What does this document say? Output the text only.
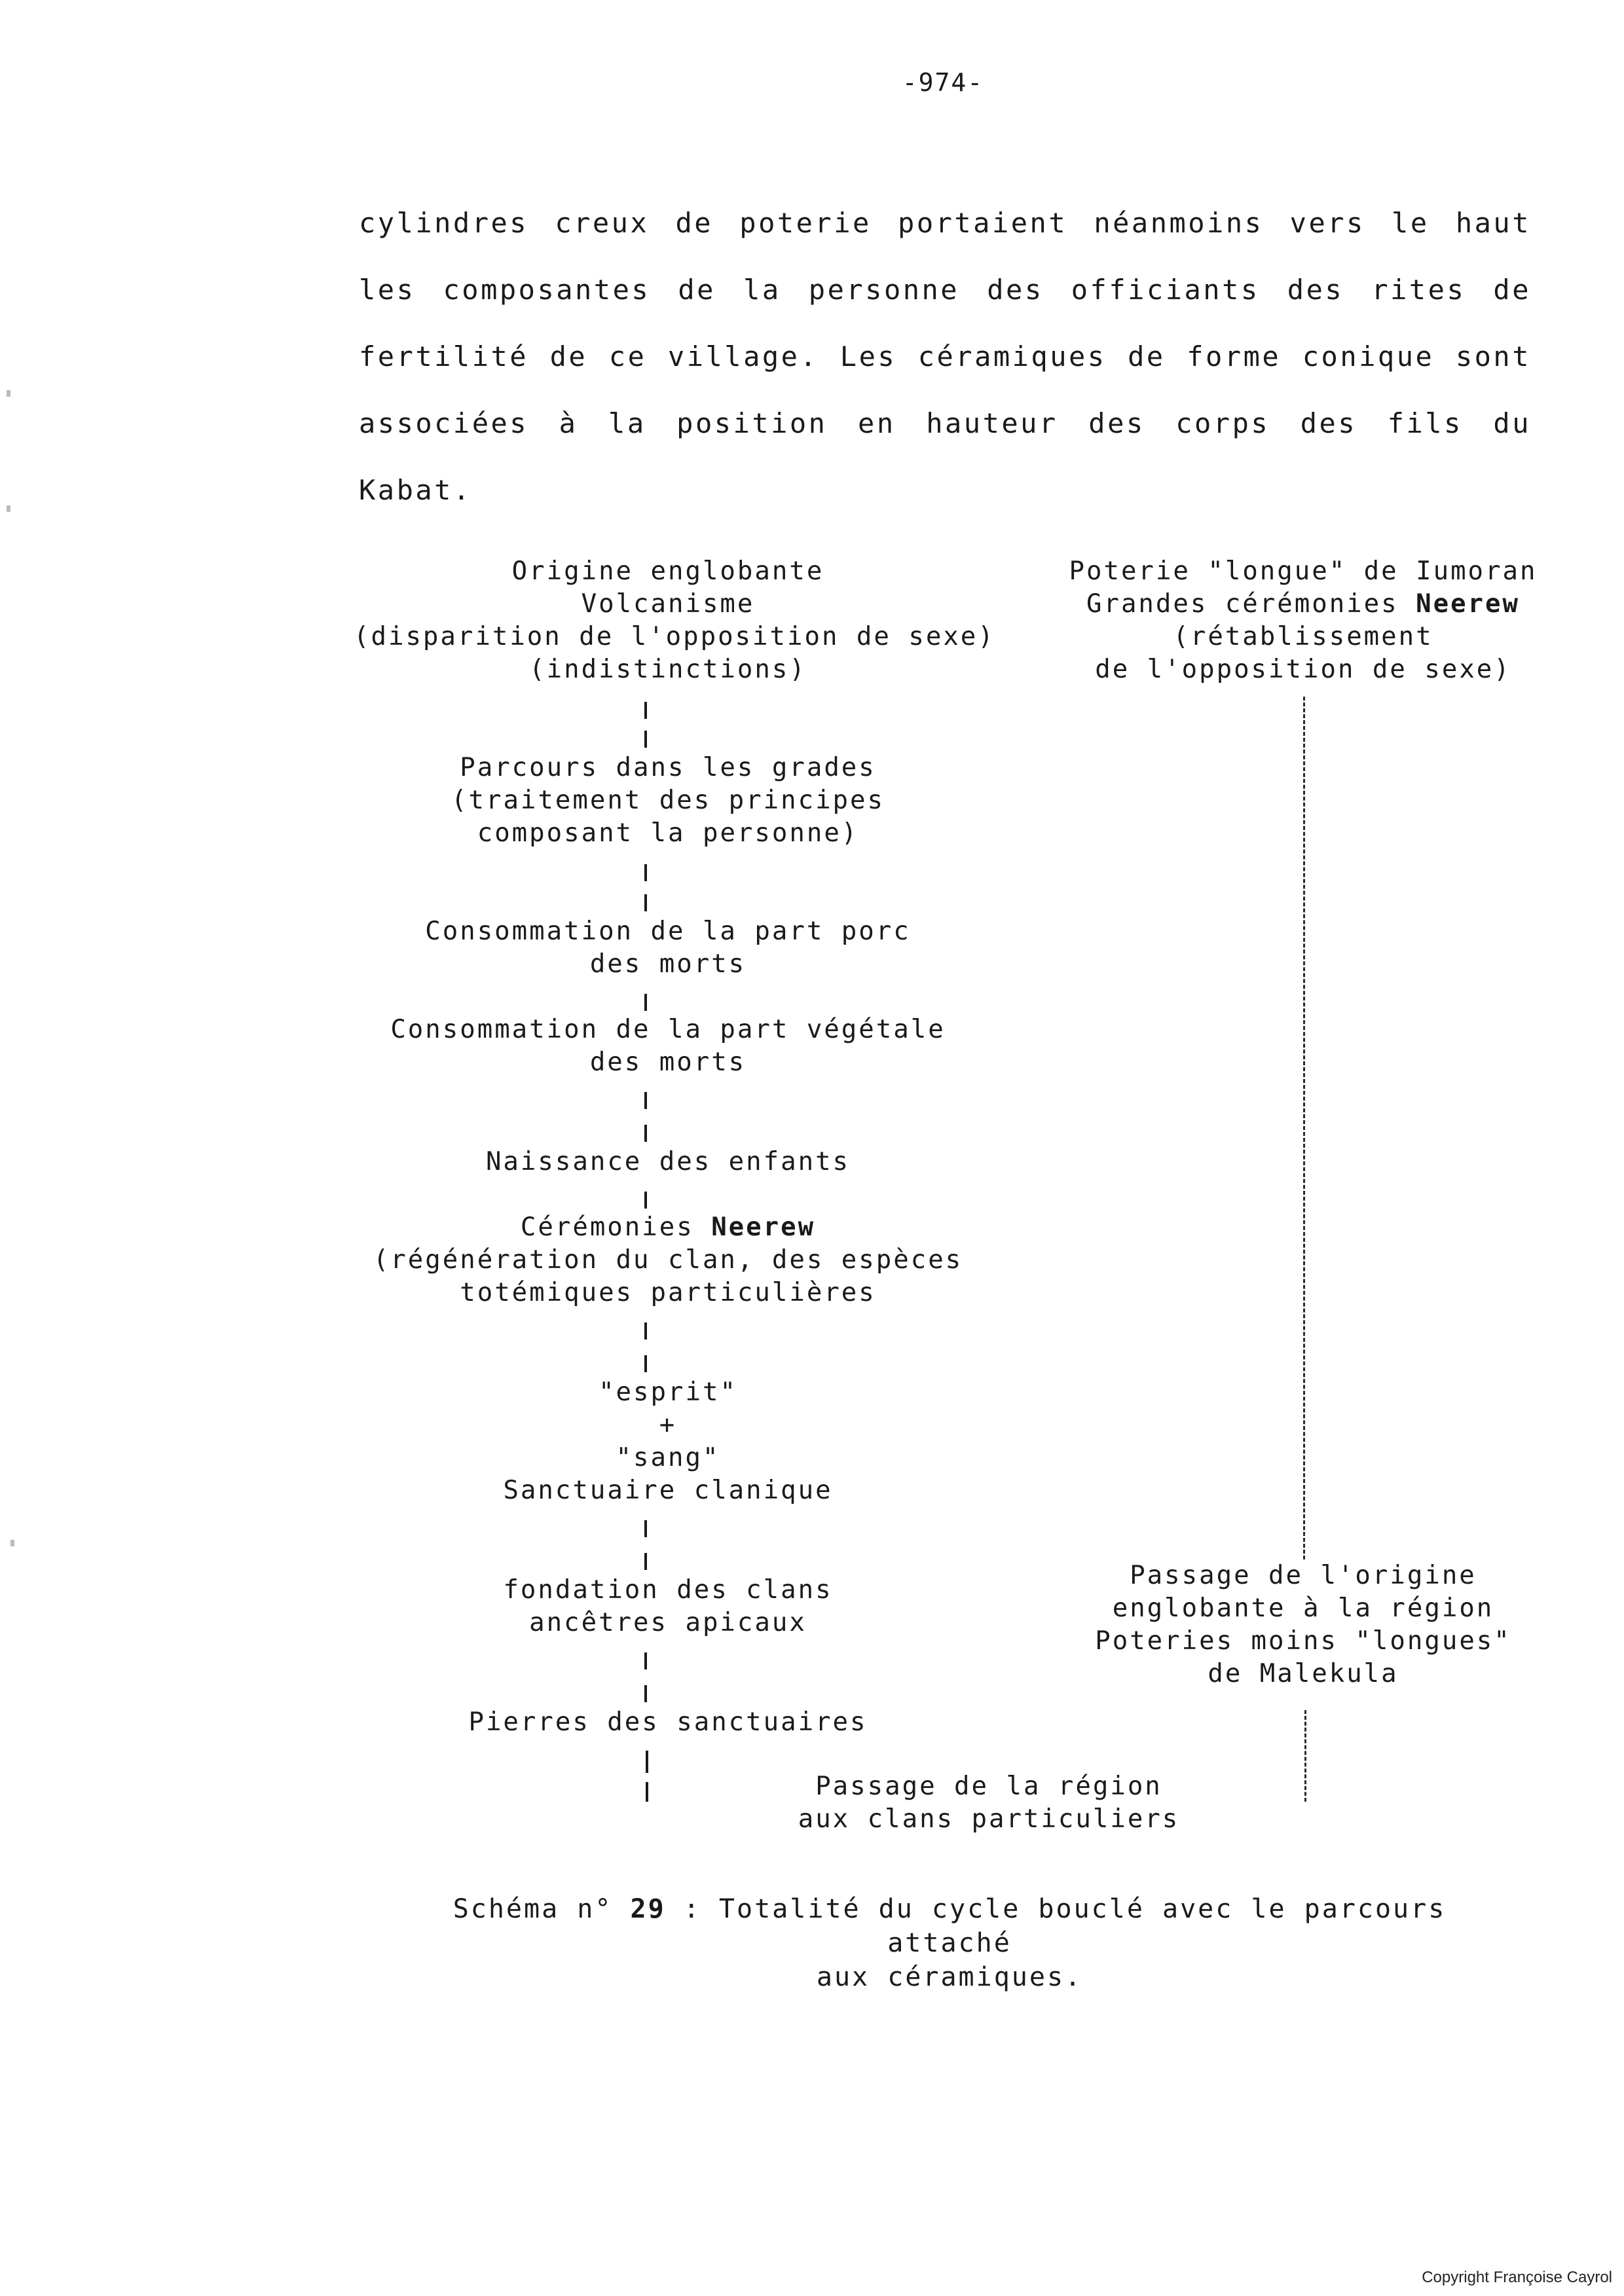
-974-
cylindres creux de poterie portaient néanmoins vers le haut les composantes de la personne des officiants des rites de fertilité de ce village. Les céramiques de forme conique sont associées à la position en hauteur des corps des fils du Kabat.
Origine englobante
Volcanisme
(disparition de l'opposition de sexe)
(indistinctions)
Parcours dans les grades
(traitement des principes
composant la personne)
Consommation de la part porc
des morts
Consommation de la part végétale
des morts
Naissance des enfants
Cérémonies Neerew
(régénération du clan, des espèces
totémiques particulières
"esprit"
+
"sang"
Sanctuaire clanique
fondation des clans
ancêtres apicaux
Pierres des sanctuaires
Poterie "longue" de Iumoran
Grandes cérémonies Neerew
(rétablissement
de l'opposition de sexe)
Passage de l'origine
englobante à la région
Poteries moins "longues"
de Malekula
Passage de la région
aux clans particuliers
Schéma n° 29 : Totalité du cycle bouclé avec le parcours attaché
aux céramiques.
Copyright Françoise Cayrol
